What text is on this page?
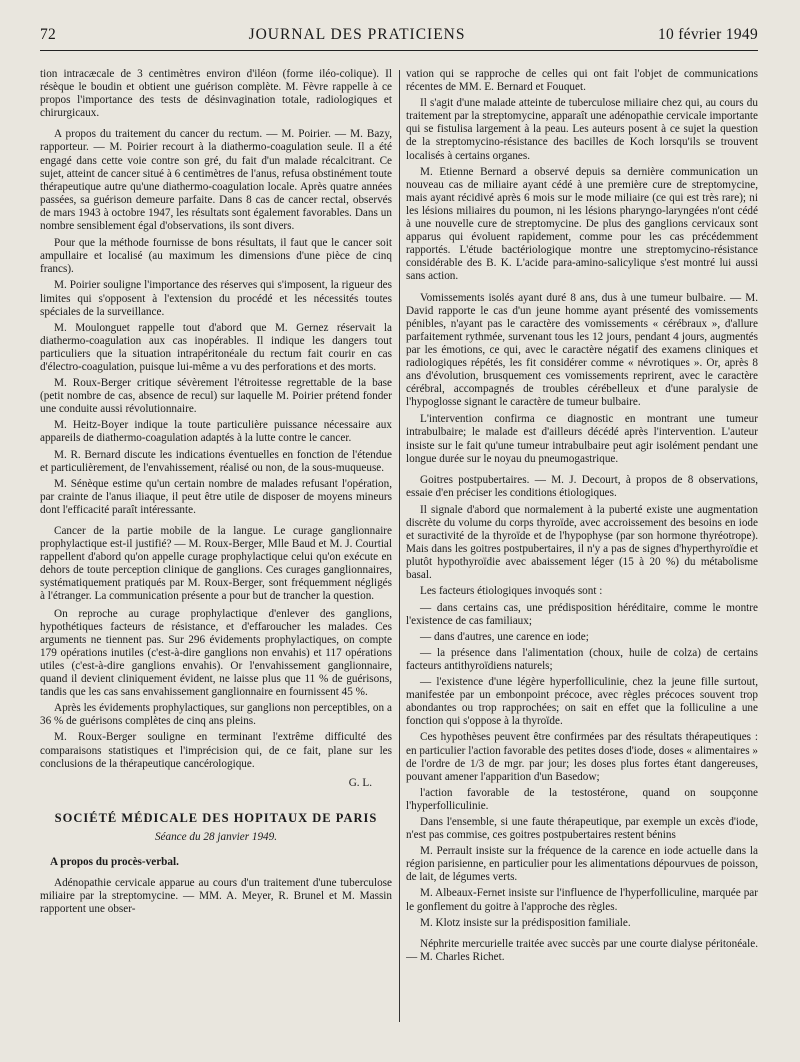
72	JOURNAL DES PRATICIENS	10 février 1949

tion intracæcale de 3 centimètres environ d'iléon (forme iléo-colique). Il résèque le boudin et obtient une guérison complète. M. Fèvre rappelle à ce propos l'importance des tests de désinvagination totale, radiologiques et chirurgicaux.

A propos du traitement du cancer du rectum. — M. Poirier. — M. Bazy, rapporteur. — M. Poirier recourt à la diathermo-coagulation seule. Il a été engagé dans cette voie contre son gré, du fait d'un malade récalcitrant. Ce sujet, atteint de cancer situé à 6 centimètres de l'anus, refusa obstinément toute thérapeutique autre qu'une diathermo-coagulation locale. Après quatre années passées, sa guérison demeure parfaite. Dans 8 cas de cancer rectal, observés de mars 1943 à octobre 1947, les résultats sont également favorables. Dans un nombre sensiblement égal d'observations, ils sont divers.

Pour que la méthode fournisse de bons résultats, il faut que le cancer soit ampullaire et localisé (au maximum les dimensions d'une pièce de cinq francs).

M. Poirier souligne l'importance des réserves qui s'imposent, la rigueur des limites qui s'opposent à l'extension du procédé et les nécessités toutes spéciales de la surveillance.

M. Moulonguet rappelle tout d'abord que M. Gernez réservait la diathermo-coagulation aux cas inopérables. Il indique les dangers tout particuliers que la situation intrapéritonéale du rectum fait courir en cas d'électro-coagulation, puisque lui-même a vu des perforations et des morts.

M. Roux-Berger critique sévèrement l'étroitesse regrettable de la base (petit nombre de cas, absence de recul) sur laquelle M. Poirier prétend fonder une conduite aussi révolutionnaire.

M. Heitz-Boyer indique la toute particulière puissance nécessaire aux appareils de diathermo-coagulation adaptés à la lutte contre le cancer.

M. R. Bernard discute les indications éventuelles en fonction de l'étendue et particulièrement, de l'envahissement, réalisé ou non, de la sous-muqueuse.

M. Sénèque estime qu'un certain nombre de malades refusant l'opération, par crainte de l'anus iliaque, il peut être utile de disposer de moyens mineurs dont l'efficacité paraît intéressante.

Cancer de la partie mobile de la langue. Le curage ganglionnaire prophylactique est-il justifié? — M. Roux-Berger, Mlle Baud et M. J. Courtial rappellent d'abord qu'on appelle curage prophylactique celui qu'on exécute en dehors de toute perception clinique de ganglions. Ces curages ganglionnaires, systématiquement pratiqués par M. Roux-Berger, sont fréquemment négligés à l'étranger. La communication présente a pour but de trancher la question.

On reproche au curage prophylactique d'enlever des ganglions, hypothétiques facteurs de résistance, et d'effaroucher les malades. Ces arguments ne tiennent pas. Sur 296 évidements prophylactiques, on compte 179 opérations inutiles (c'est-à-dire ganglions non envahis) et 117 opérations utiles (c'est-à-dire ganglions envahis). Or l'envahissement ganglionnaire, quand il devient cliniquement évident, ne laisse plus que 11 % de guérisons, tandis que les cas sans envahissement ganglionnaire en fournissent 45 %.

Après les évidements prophylactiques, sur ganglions non perceptibles, on a 36 % de guérisons complètes de cinq ans pleins.

M. Roux-Berger souligne en terminant l'extrême difficulté des comparaisons statistiques et l'imprécision qui, de ce fait, plane sur les conclusions de la thérapeutique cancérologique.

G. L.

SOCIÉTÉ MÉDICALE DES HOPITAUX DE PARIS
Séance du 28 janvier 1949.
A propos du procès-verbal.
Adénopathie cervicale apparue au cours d'un traitement d'une tuberculose miliaire par la streptomycine. — MM. A. Meyer, R. Brunel et M. Massin rapportent une obser-

vation qui se rapproche de celles qui ont fait l'objet de communications récentes de MM. E. Bernard et Fouquet.

Il s'agit d'une malade atteinte de tuberculose miliaire chez qui, au cours du traitement par la streptomycine, apparaît une adénopathie cervicale importante qui se fistulisa largement à la peau. Les auteurs posent à ce sujet la question de la streptomycino-résistance des bacilles de Koch lorsqu'ils se trouvent localisés à certains organes.

M. Etienne Bernard a observé depuis sa dernière communication un nouveau cas de miliaire ayant cédé à une première cure de streptomycine, mais ayant récidivé après 6 mois sur le mode miliaire (ce qui est très rare); ni les lésions miliaires du poumon, ni les lésions pharyngo-laryngées n'ont cédé à une nouvelle cure de streptomycine. De plus des ganglions cervicaux sont apparus qui évoluent rapidement, comme pour les cas précédemment rapportés. L'étude bactériologique montre une streptomycino-résistance considérable des B. K. L'acide para-amino-salicylique s'est montré lui aussi sans action.

Vomissements isolés ayant duré 8 ans, dus à une tumeur bulbaire. — M. David rapporte le cas d'un jeune homme ayant présenté des vomissements pénibles, n'ayant pas le caractère des vomissements « cérébraux », d'allure parfaitement rythmée, survenant tous les 12 jours, pendant 4 jours, augmentés par les émotions, ce qui, avec le caractère négatif des examens cliniques et radiologiques répétés, les fit considérer comme « névrotiques ». Or, après 8 ans d'évolution, brusquement ces vomissements reprirent, avec le caractère cérébral, accompagnés de troubles cérébelleux et d'une paralysie de l'hypoglosse signant le caractère de tumeur bulbaire.

L'intervention confirma ce diagnostic en montrant une tumeur intrabulbaire; le malade est d'ailleurs décédé après l'intervention. L'auteur insiste sur le fait qu'une tumeur intrabulbaire peut agir isolément pendant une longue durée sur le noyau du pneumogastrique.

Goitres postpubertaires. — M. J. Decourt, à propos de 8 observations, essaie d'en préciser les conditions étiologiques.

Il signale d'abord que normalement à la puberté existe une augmentation discrète du volume du corps thyroïde, avec accroissement des besoins en iode et suractivité de la thyroïde et de l'hypophyse (par son hormone thyréotrope). Mais dans les goitres postpubertaires, il n'y a pas de signes d'hyperthyroïdie et plutôt hypothyroïdie avec abaissement léger (15 à 20 %) du métabolisme basal.

Les facteurs étiologiques invoqués sont :

— dans certains cas, une prédisposition héréditaire, comme le montre l'existence de cas familiaux;

— dans d'autres, une carence en iode;

— la présence dans l'alimentation (choux, huile de colza) de certains facteurs antithyroïdiens naturels;

— l'existence d'une légère hyperfolliculinie, chez la jeune fille surtout, manifestée par un embonpoint précoce, avec règles précoces souvent trop abondantes ou trop rapprochées; on sait en effet que la folliculine a une fonction qui s'oppose à la thyroïde.

Ces hypothèses peuvent être confirmées par des résultats thérapeutiques : en particulier l'action favorable des petites doses d'iode, doses « alimentaires » de l'ordre de 1/3 de mgr. par jour; les doses plus fortes étant dangereuses, pouvant amener l'apparition d'un Basedow;

l'action favorable de la testostérone, quand on soupçonne l'hyperfolliculinie.

Dans l'ensemble, si une faute thérapeutique, par exemple un excès d'iode, n'est pas commise, ces goitres postpubertaires restent bénins

M. Perrault insiste sur la fréquence de la carence en iode actuelle dans la région parisienne, en particulier pour les alimentations dépourvues de poisson, de lait, de légumes verts.

M. Albeaux-Fernet insiste sur l'influence de l'hyperfolliculine, marquée par le gonflement du goitre à l'approche des règles.

M. Klotz insiste sur la prédisposition familiale.

Néphrite mercurielle traitée avec succès par une courte dialyse péritonéale. — M. Charles Richet.
